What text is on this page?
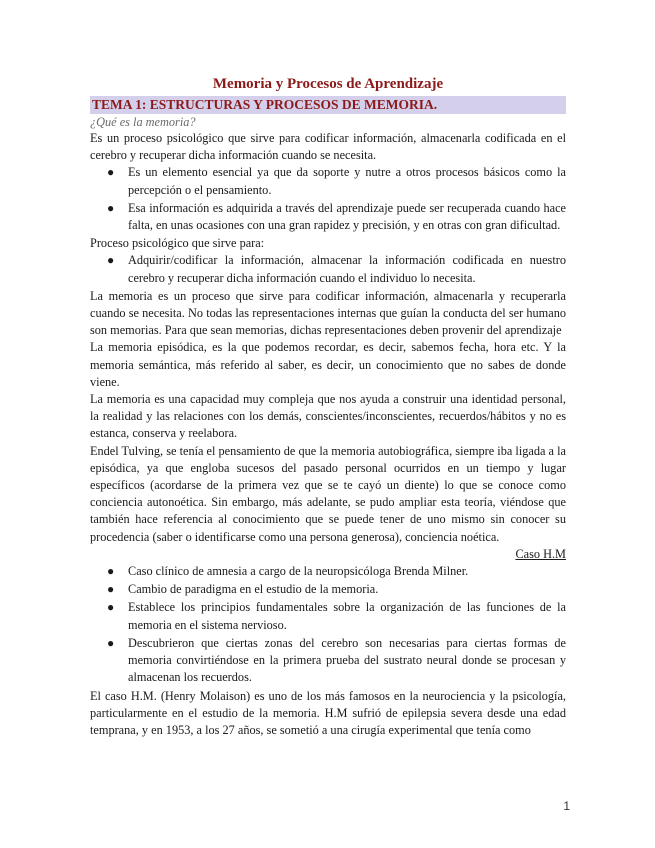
Memoria y Procesos de Aprendizaje
TEMA 1: ESTRUCTURAS Y PROCESOS DE MEMORIA.
¿Qué es la memoria?

Es un proceso psicológico que sirve para codificar información, almacenarla codificada en el cerebro y recuperar dicha información cuando se necesita.

● Es un elemento esencial ya que da soporte y nutre a otros procesos básicos como la percepción o el pensamiento.
● Esa información es adquirida a través del aprendizaje puede ser recuperada cuando hace falta, en unas ocasiones con una gran rapidez y precisión, y en otras con gran dificultad.

Proceso psicológico que sirve para:

● Adquirir/codificar la información, almacenar la información codificada en nuestro cerebro y recuperar dicha información cuando el individuo lo necesita.

La memoria es un proceso que sirve para codificar información, almacenarla y recuperarla cuando se necesita. No todas las representaciones internas que guían la conducta del ser humano son memorias. Para que sean memorias, dichas representaciones deben provenir del aprendizaje

La memoria episódica, es la que podemos recordar, es decir, sabemos fecha, hora etc. Y la memoria semántica, más referido al saber, es decir, un conocimiento que no sabes de donde viene.

La memoria es una capacidad muy compleja que nos ayuda a construir una identidad personal, la realidad y las relaciones con los demás, conscientes/inconscientes, recuerdos/hábitos y no es estanca, conserva y reelabora.

Endel Tulving, se tenía el pensamiento de que la memoria autobiográfica, siempre iba ligada a la episódica, ya que engloba sucesos del pasado personal ocurridos en un tiempo y lugar específicos (acordarse de la primera vez que se te cayó un diente) lo que se conoce como conciencia autonoética. Sin embargo, más adelante, se pudo ampliar esta teoría, viéndose que también hace referencia al conocimiento que se puede tener de uno mismo sin conocer su procedencia (saber o identificarse como una persona generosa), conciencia noética.

Caso H.M

● Caso clínico de amnesia a cargo de la neuropsicóloga Brenda Milner.
● Cambio de paradigma en el estudio de la memoria.
● Establece los principios fundamentales sobre la organización de las funciones de la memoria en el sistema nervioso.
● Descubrieron que ciertas zonas del cerebro son necesarias para ciertas formas de memoria convirtiéndose en la primera prueba del sustrato neural donde se procesan y almacenan los recuerdos.

El caso H.M. (Henry Molaison) es uno de los más famosos en la neurociencia y la psicología, particularmente en el estudio de la memoria. H.M sufrió de epilepsia severa desde una edad temprana, y en 1953, a los 27 años, se sometió a una cirugía experimental que tenía como

1
